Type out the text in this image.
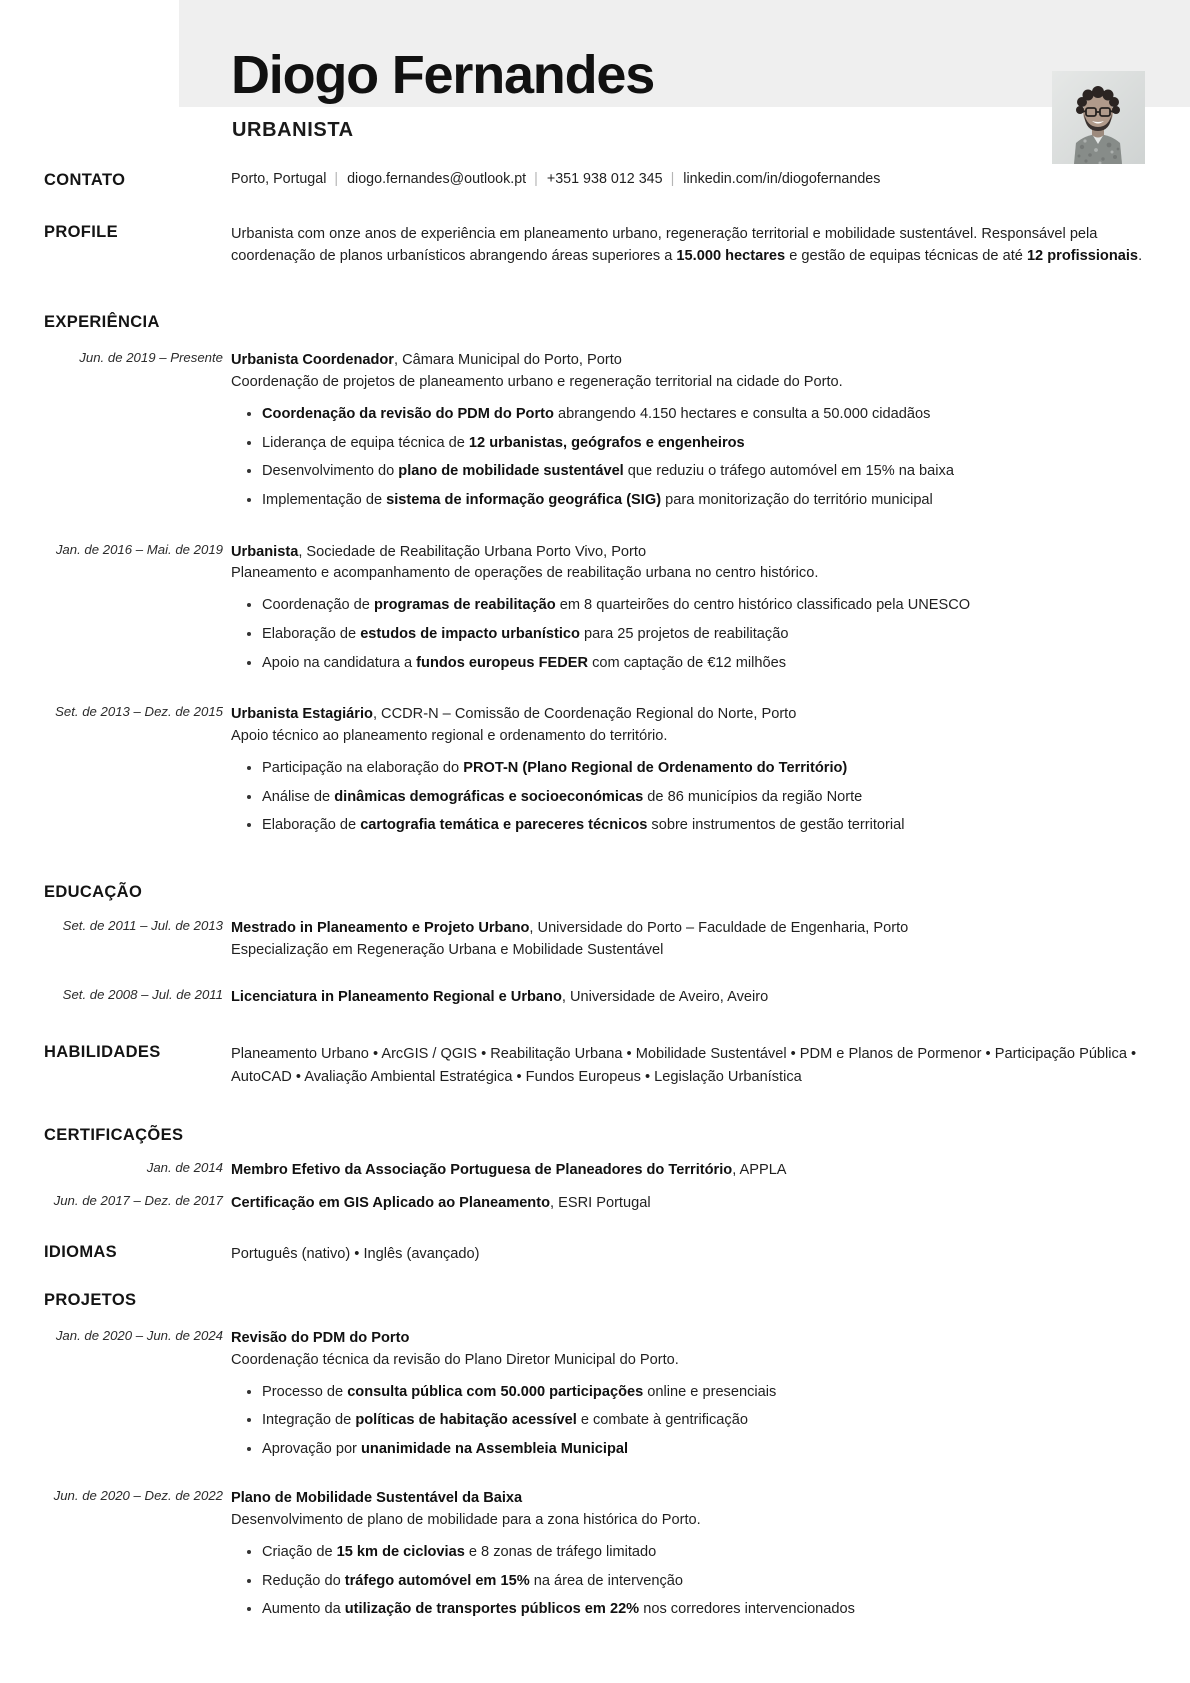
Diogo Fernandes
URBANISTA
CONTATO	Porto, Portugal | diogo.fernandes@outlook.pt | +351 938 012 345 | linkedin.com/in/diogofernandes
PROFILE	Urbanista com onze anos de experiência em planeamento urbano, regeneração territorial e mobilidade sustentável. Responsável pela coordenação de planos urbanísticos abrangendo áreas superiores a 15.000 hectares e gestão de equipas técnicas de até 12 profissionais.
EXPERIÊNCIA
Jun. de 2019 – Presente Urbanista Coordenador, Câmara Municipal do Porto, Porto
Coordenação de projetos de planeamento urbano e regeneração territorial na cidade do Porto.
Coordenação da revisão do PDM do Porto abrangendo 4.150 hectares e consulta a 50.000 cidadãos
Liderança de equipa técnica de 12 urbanistas, geógrafos e engenheiros
Desenvolvimento do plano de mobilidade sustentável que reduziu o tráfego automóvel em 15% na baixa
Implementação de sistema de informação geográfica (SIG) para monitorização do território municipal
Jan. de 2016 – Mai. de 2019 Urbanista, Sociedade de Reabilitação Urbana Porto Vivo, Porto
Planeamento e acompanhamento de operações de reabilitação urbana no centro histórico.
Coordenação de programas de reabilitação em 8 quarteirões do centro histórico classificado pela UNESCO
Elaboração de estudos de impacto urbanístico para 25 projetos de reabilitação
Apoio na candidatura a fundos europeus FEDER com captação de €12 milhões
Set. de 2013 – Dez. de 2015 Urbanista Estagiário, CCDR-N – Comissão de Coordenação Regional do Norte, Porto
Apoio técnico ao planeamento regional e ordenamento do território.
Participação na elaboração do PROT-N (Plano Regional de Ordenamento do Território)
Análise de dinâmicas demográficas e socioeconómicas de 86 municípios da região Norte
Elaboração de cartografia temática e pareceres técnicos sobre instrumentos de gestão territorial
EDUCAÇÃO
Set. de 2011 – Jul. de 2013 Mestrado in Planeamento e Projeto Urbano, Universidade do Porto – Faculdade de Engenharia, Porto
Especialização em Regeneração Urbana e Mobilidade Sustentável
Set. de 2008 – Jul. de 2011 Licenciatura in Planeamento Regional e Urbano, Universidade de Aveiro, Aveiro
HABILIDADES	Planeamento Urbano • ArcGIS / QGIS • Reabilitação Urbana • Mobilidade Sustentável • PDM e Planos de Pormenor • Participação Pública • AutoCAD • Avaliação Ambiental Estratégica • Fundos Europeus • Legislação Urbanística
CERTIFICAÇÕES
Jan. de 2014 Membro Efetivo da Associação Portuguesa de Planeadores do Território, APPLA
Jun. de 2017 – Dez. de 2017 Certificação em GIS Aplicado ao Planeamento, ESRI Portugal
IDIOMAS	Português (nativo) • Inglês (avançado)
PROJETOS
Jan. de 2020 – Jun. de 2024 Revisão do PDM do Porto
Coordenação técnica da revisão do Plano Diretor Municipal do Porto.
Processo de consulta pública com 50.000 participações online e presenciais
Integração de políticas de habitação acessível e combate à gentrificação
Aprovação por unanimidade na Assembleia Municipal
Jun. de 2020 – Dez. de 2022 Plano de Mobilidade Sustentável da Baixa
Desenvolvimento de plano de mobilidade para a zona histórica do Porto.
Criação de 15 km de ciclovias e 8 zonas de tráfego limitado
Redução do tráfego automóvel em 15% na área de intervenção
Aumento da utilização de transportes públicos em 22% nos corredores intervencionados
